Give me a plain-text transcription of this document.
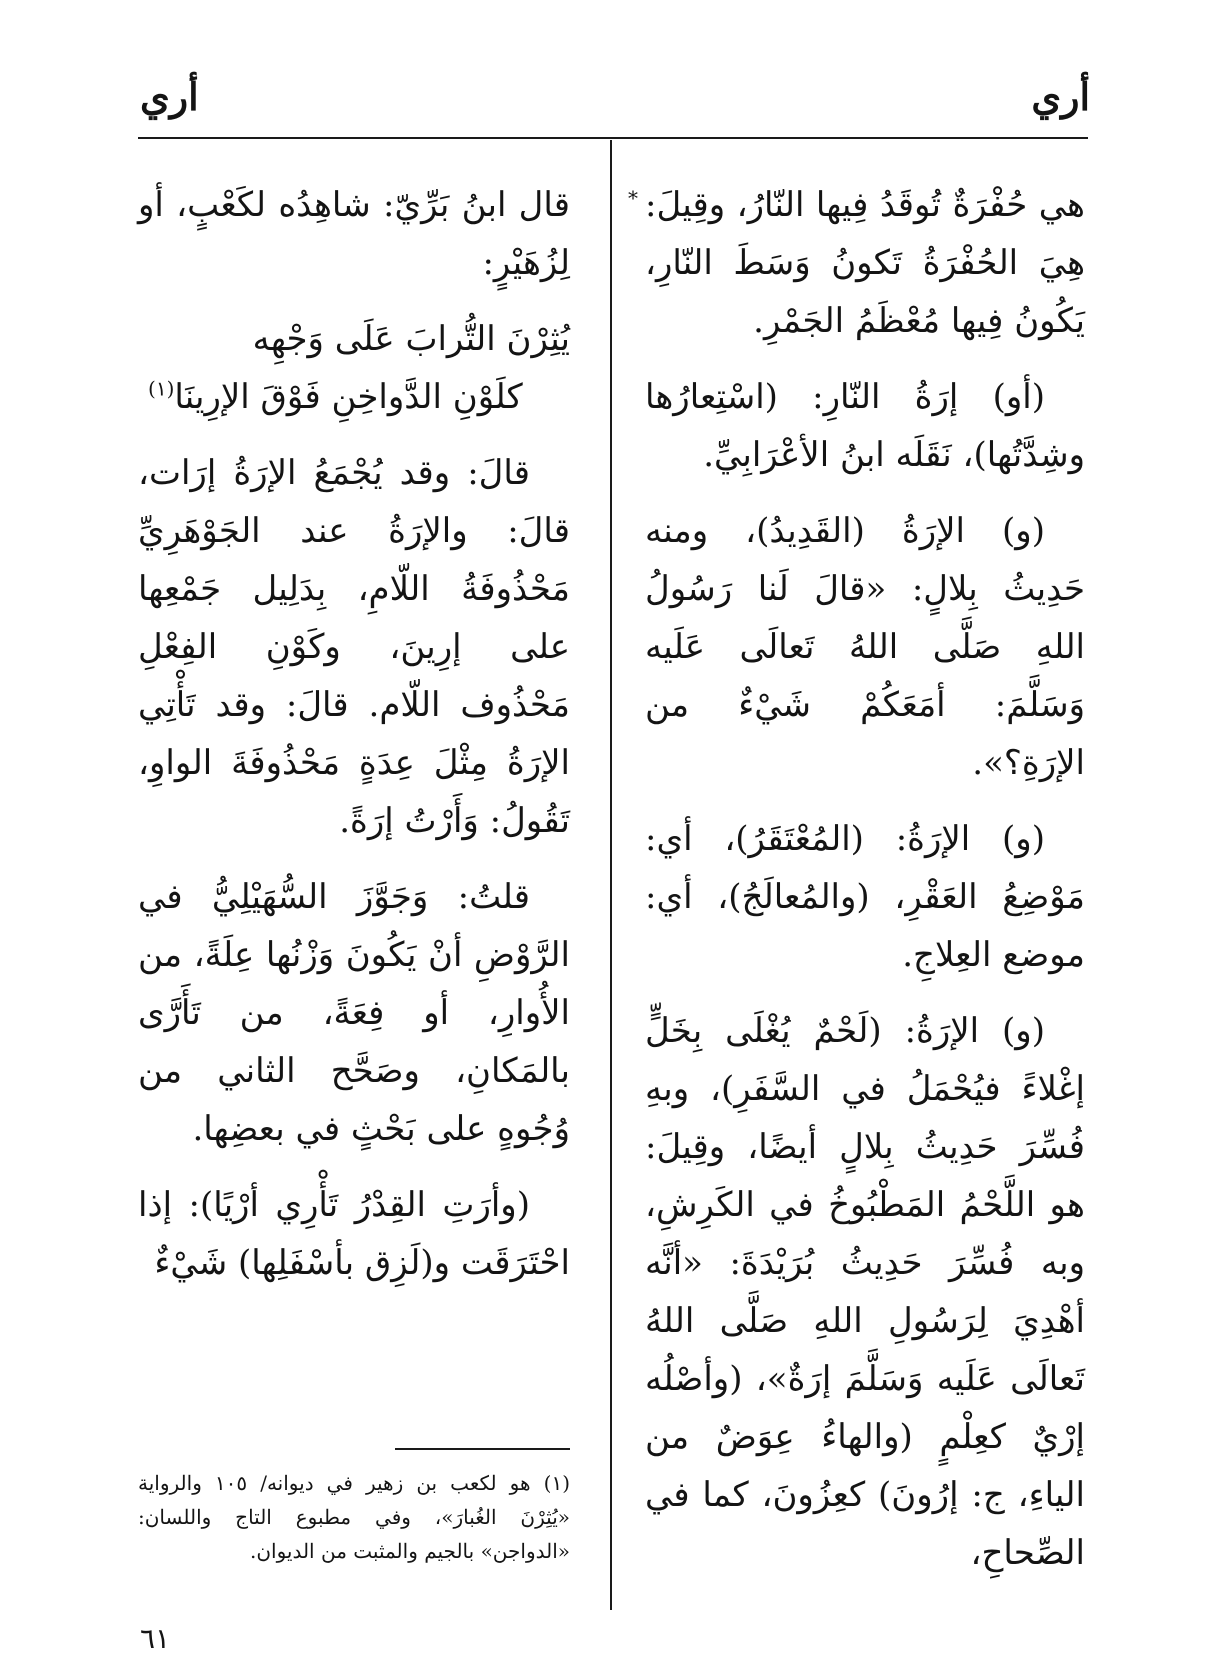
أري
أري
* هي حُفْرَةٌ تُوقَدُ فِيها النّارُ، وقِيلَ: هِيَ الحُفْرَةُ تَكونُ وَسَطَ النّارِ، يَكُونُ فِيها مُعْظَمُ الجَمْرِ.

(أو) إرَةُ النّارِ: (اسْتِعارُها وشِدَّتُها)، نَقَلَه ابنُ الأعْرَابِيِّ.

(و) الإرَةُ (القَدِيدُ)، ومنه حَدِيثُ بِلالٍ: «قالَ لَنا رَسُولُ اللهِ صَلَّى اللهُ تَعالَى عَلَيه وَسَلَّمَ: أمَعَكُمْ شَيْءٌ من الإرَةِ؟».

(و) الإرَةُ: (المُعْتَقَرُ)، أي: مَوْضِعُ العَقْرِ، (والمُعالَجُ)، أي: موضع العِلاجِ.

(و) الإرَةُ: (لَحْمٌ يُغْلَى بِخَلٍّ إغْلاءً فيُحْمَلُ في السَّفَرِ)، وبهِ فُسِّرَ حَدِيثُ بِلالٍ أيضًا، وقِيلَ: هو اللَّحْمُ المَطْبُوخُ في الكَرِشِ، وبه فُسِّرَ حَدِيثُ بُرَيْدَةَ: «أنَّه أهْدِيَ لِرَسُولِ اللهِ صَلَّى اللهُ تَعالَى عَلَيه وَسَلَّمَ إرَةٌ»، (وأصْلُه إرْيٌ كعِلْمٍ (والهاءُ عِوَضٌ من الياءِ، ج: إرُونَ) كعِزُونَ، كما في الصِّحاحِ،

قال ابنُ بَرِّيّ: شاهِدُه لكَعْبٍ، أو لِزُهَيْرٍ:

يُثِرْنَ التُّرابَ عَلَى وَجْهِه
كلَوْنِ الدَّواخِنِ فَوْقَ الإرِينَا$^{(١)}$

قالَ: وقد يُجْمَعُ الإرَةُ إرَات، قالَ: والإرَةُ عند الجَوْهَرِيِّ مَحْذُوفَةُ اللّامِ، بِدَلِيل جَمْعِها على إرِينَ، وكَوْنِ الفِعْلِ مَحْذُوف اللّام. قالَ: وقد تَأْتِي الإرَةُ مِثْلَ عِدَةٍ مَحْذُوفَةَ الواوِ، تَقُولُ: وَأَرْتُ إرَةً.

قلتُ: وَجَوَّزَ السُّهَيْلِيُّ في الرَّوْضِ أنْ يَكُونَ وَزْنُها عِلَةً، من الأُوارِ، أو فِعَةً، من تَأَرَّى بالمَكانِ، وصَحَّح الثاني من وُجُوهٍ على بَحْثٍ في بعضِها.

(وأرَتِ القِدْرُ تَأْرِي أرْيًا): إذا احْتَرَقَت و(لَزِق بأسْفَلِها) شَيْءٌ

(١) هو لكعب بن زهير في ديوانه/ ١٠٥ والرواية «يُثِرْنَ الغُبارَ»، وفي مطبوع التاج واللسان: «الدواجن» بالجيم والمثبت من الديوان.
٦١
